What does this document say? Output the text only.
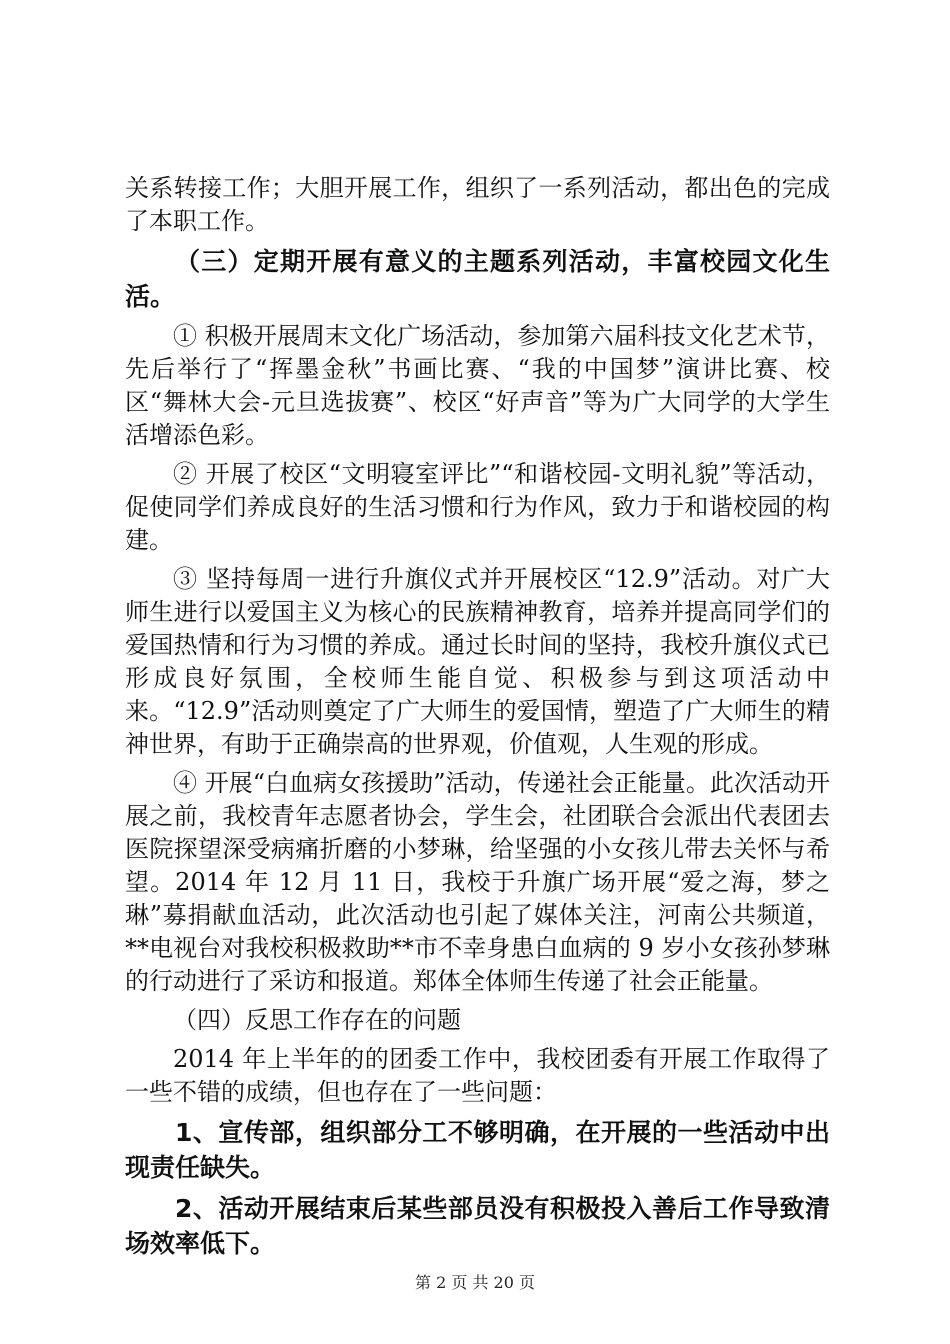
关系转接工作；大胆开展工作，组织了一系列活动，都出色的完成了本职工作。

（三）定期开展有意义的主题系列活动，丰富校园文化生活。

① 积极开展周末文化广场活动，参加第六届科技文化艺术节，先后举行了“挥墨金秋”书画比赛、“我的中国梦”演讲比赛、校区“舞林大会-元旦选拔赛”、校区“好声音”等为广大同学的大学生活增添色彩。

② 开展了校区“文明寝室评比”“和谐校园-文明礼貌”等活动，促使同学们养成良好的生活习惯和行为作风，致力于和谐校园的构建。

③ 坚持每周一进行升旗仪式并开展校区“12.9”活动。对广大师生进行以爱国主义为核心的民族精神教育，培养并提高同学们的爱国热情和行为习惯的养成。通过长时间的坚持，我校升旗仪式已形成良好氛围，全校师生能自觉、积极参与到这项活动中来。“12.9”活动则奠定了广大师生的爱国情，塑造了广大师生的精神世界，有助于正确崇高的世界观，价值观，人生观的形成。

④ 开展“白血病女孩援助”活动，传递社会正能量。此次活动开展之前，我校青年志愿者协会，学生会，社团联合会派出代表团去医院探望深受病痛折磨的小梦琳，给坚强的小女孩儿带去关怀与希望。2014 年 12 月 11 日，我校于升旗广场开展“爱之海，梦之琳”募捐献血活动，此次活动也引起了媒体关注，河南公共频道，**电视台对我校积极救助**市不幸身患白血病的 9 岁小女孩孙梦琳的行动进行了采访和报道。郑体全体师生传递了社会正能量。

（四）反思工作存在的问题

2014 年上半年的的团委工作中，我校团委有开展工作取得了一些不错的成绩，但也存在了一些问题：

1、宣传部，组织部分工不够明确，在开展的一些活动中出现责任缺失。

2、活动开展结束后某些部员没有积极投入善后工作导致清场效率低下。

第 2 页 共 20 页
